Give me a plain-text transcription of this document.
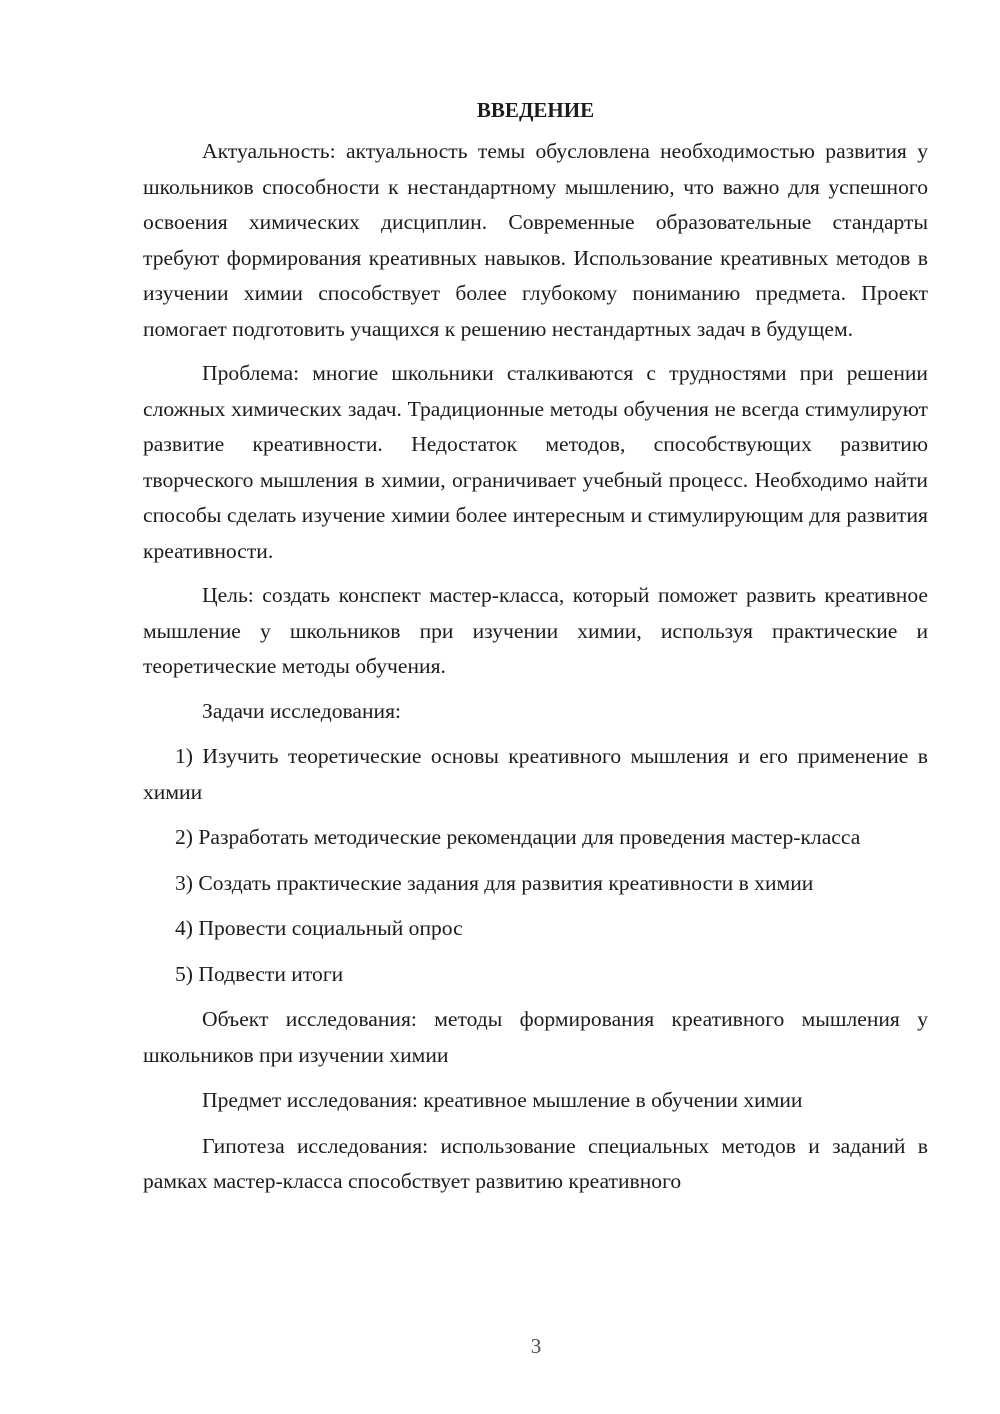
ВВЕДЕНИЕ

Актуальность: актуальность темы обусловлена необходимостью развития у школьников способности к нестандартному мышлению, что важно для успешного освоения химических дисциплин. Современные образовательные стандарты требуют формирования креативных навыков. Использование креативных методов в изучении химии способствует более глубокому пониманию предмета. Проект помогает подготовить учащихся к решению нестандартных задач в будущем.

Проблема: многие школьники сталкиваются с трудностями при решении сложных химических задач. Традиционные методы обучения не всегда стимулируют развитие креативности. Недостаток методов, способствующих развитию творческого мышления в химии, ограничивает учебный процесс. Необходимо найти способы сделать изучение химии более интересным и стимулирующим для развития креативности.

Цель: создать конспект мастер-класса, который поможет развить креативное мышление у школьников при изучении химии, используя практические и теоретические методы обучения.

Задачи исследования:

1) Изучить теоретические основы креативного мышления и его применение в химии

2) Разработать методические рекомендации для проведения мастер-класса

3) Создать практические задания для развития креативности в химии

4) Провести социальный опрос

5) Подвести итоги

Объект исследования: методы формирования креативного мышления у школьников при изучении химии

Предмет исследования: креативное мышление в обучении химии

Гипотеза исследования: использование специальных методов и заданий в рамках мастер-класса способствует развитию креативного

3
